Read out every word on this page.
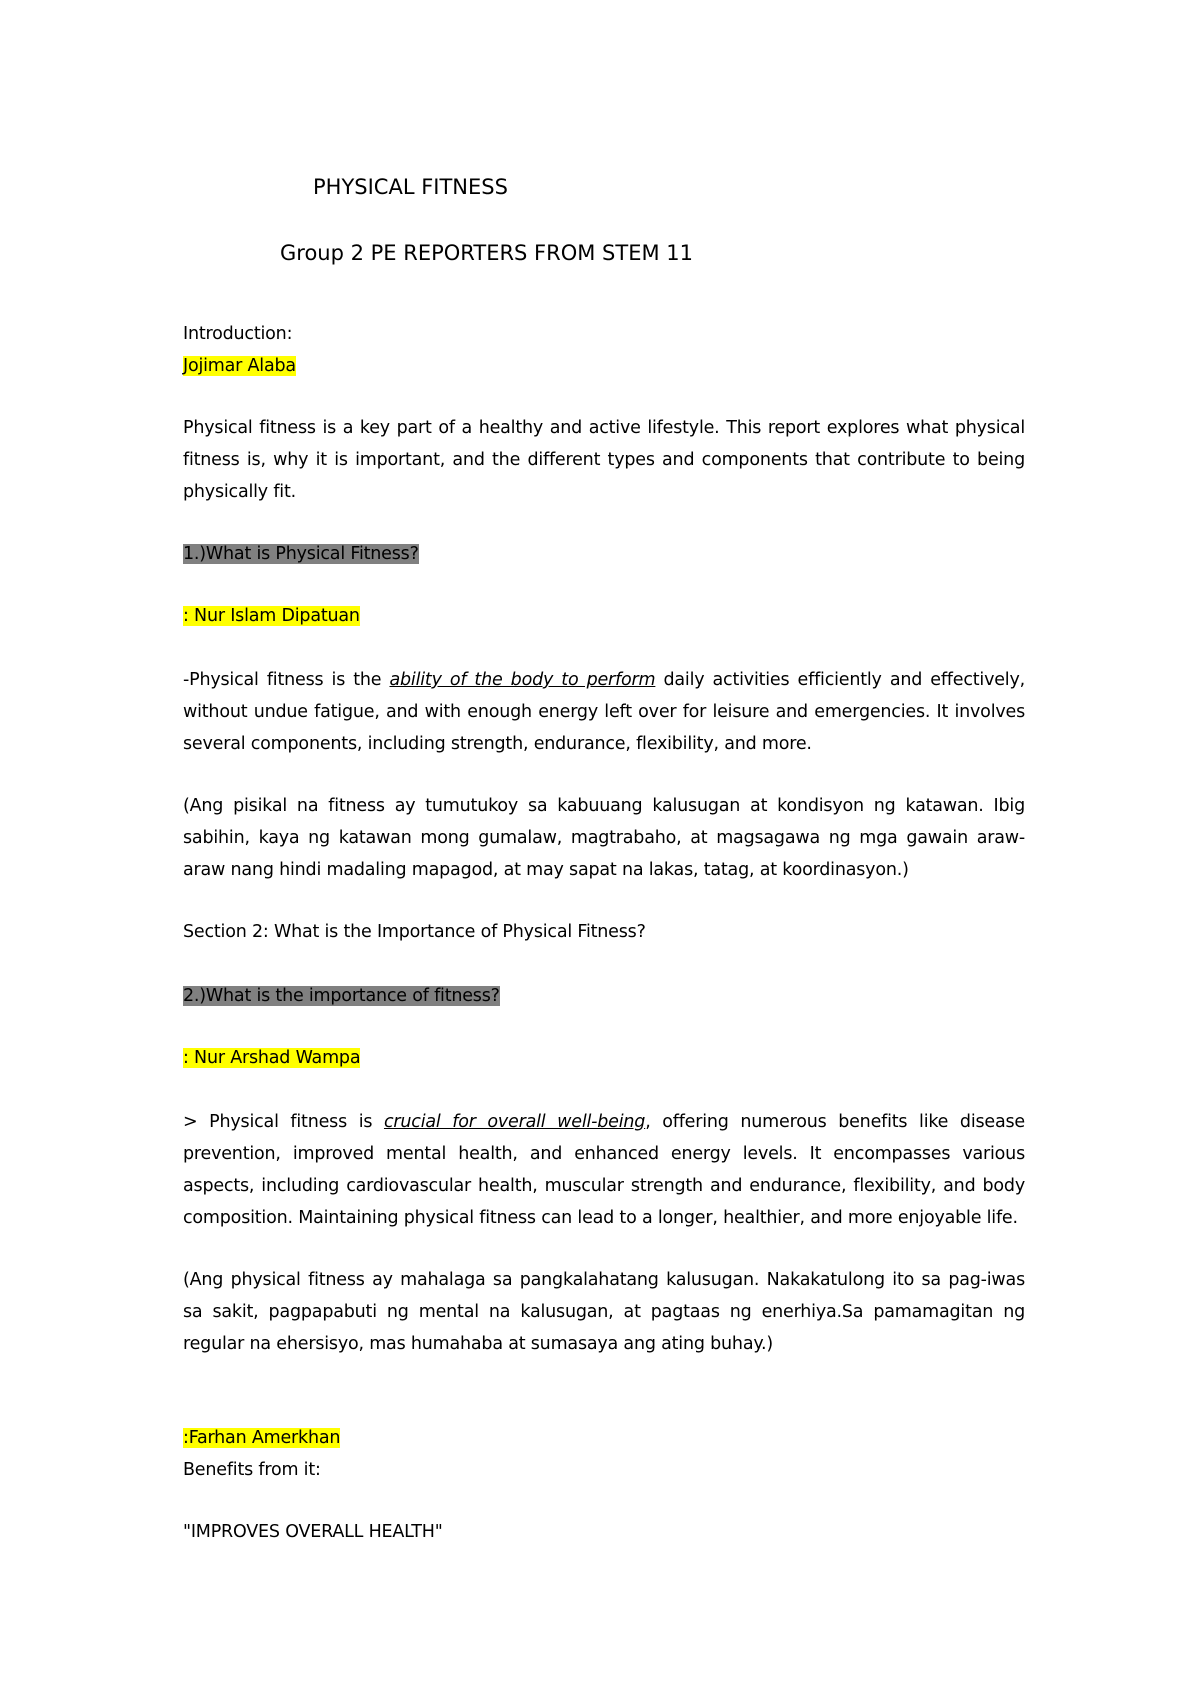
PHYSICAL FITNESS
Group 2 PE REPORTERS FROM STEM 11
Introduction:
Jojimar Alaba
Physical fitness is a key part of a healthy and active lifestyle. This report explores what physical fitness is, why it is important, and the different types and components that contribute to being physically fit.
1.)What is Physical Fitness?
: Nur Islam Dipatuan
-Physical fitness is the ability of the body to perform daily activities efficiently and effectively, without undue fatigue, and with enough energy left over for leisure and emergencies. It involves several components, including strength, endurance, flexibility, and more.
(Ang pisikal na fitness ay tumutukoy sa kabuuang kalusugan at kondisyon ng katawan. Ibig sabihin, kaya ng katawan mong gumalaw, magtrabaho, at magsagawa ng mga gawain araw-araw nang hindi madaling mapagod, at may sapat na lakas, tatag, at koordinasyon.)
Section 2: What is the Importance of Physical Fitness?
2.)What is the importance of fitness?
: Nur Arshad Wampa
> Physical fitness is crucial for overall well-being, offering numerous benefits like disease prevention, improved mental health, and enhanced energy levels. It encompasses various aspects, including cardiovascular health, muscular strength and endurance, flexibility, and body composition. Maintaining physical fitness can lead to a longer, healthier, and more enjoyable life.
(Ang physical fitness ay mahalaga sa pangkalahatang kalusugan. Nakakatulong ito sa pag-iwas sa sakit, pagpapabuti ng mental na kalusugan, at pagtaas ng enerhiya.Sa pamamagitan ng regular na ehersisyo, mas humahaba at sumasaya ang ating buhay.)
:Farhan Amerkhan
Benefits from it:
"IMPROVES OVERALL HEALTH"
